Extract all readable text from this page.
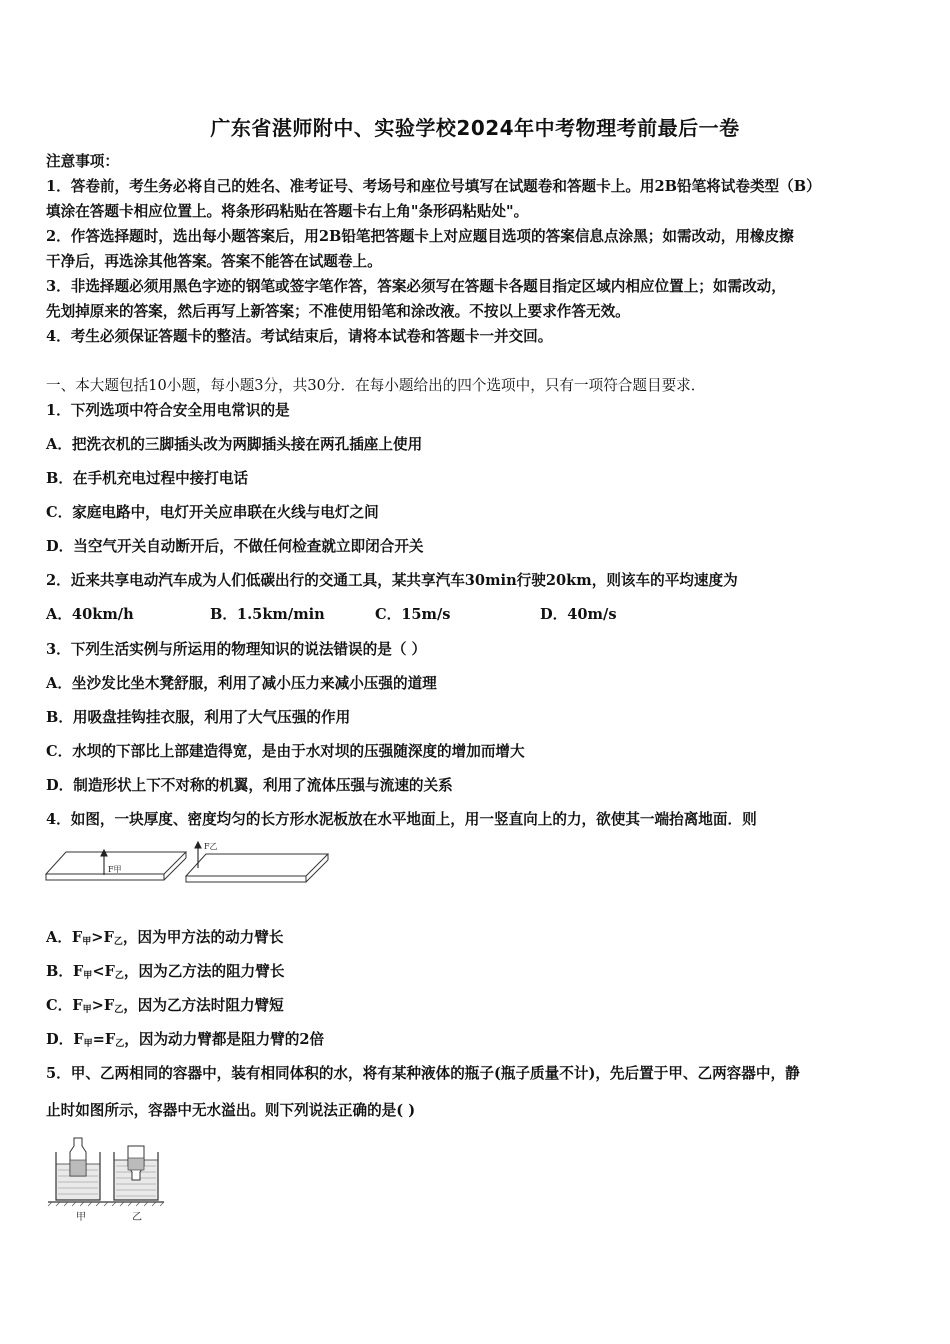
广东省湛师附中、实验学校2024年中考物理考前最后一卷
注意事项：
1．答卷前，考生务必将自己的姓名、准考证号、考场号和座位号填写在试题卷和答题卡上。用2B铅笔将试卷类型（B）
填涂在答题卡相应位置上。将条形码粘贴在答题卡右上角"条形码粘贴处"。
2．作答选择题时，选出每小题答案后，用2B铅笔把答题卡上对应题目选项的答案信息点涂黑；如需改动，用橡皮擦
干净后，再选涂其他答案。答案不能答在试题卷上。
3．非选择题必须用黑色字迹的钢笔或签字笔作答，答案必须写在答题卡各题目指定区域内相应位置上；如需改动，
先划掉原来的答案，然后再写上新答案；不准使用铅笔和涂改液。不按以上要求作答无效。
4．考生必须保证答题卡的整洁。考试结束后，请将本试卷和答题卡一并交回。
一、本大题包括10小题，每小题3分，共30分．在每小题给出的四个选项中，只有一项符合题目要求．
1．下列选项中符合安全用电常识的是
A．把洗衣机的三脚插头改为两脚插头接在两孔插座上使用
B．在手机充电过程中接打电话
C．家庭电路中，电灯开关应串联在火线与电灯之间
D．当空气开关自动断开后，不做任何检查就立即闭合开关
2．近来共享电动汽车成为人们低碳出行的交通工具，某共享汽车30min行驶20km，则该车的平均速度为
A．40km/h	B．1.5km/min	C．15m/s	D．40m/s
3．下列生活实例与所运用的物理知识的说法错误的是（ ）
A．坐沙发比坐木凳舒服，利用了减小压力来减小压强的道理
B．用吸盘挂钩挂衣服，利用了大气压强的作用
C．水坝的下部比上部建造得宽，是由于水对坝的压强随深度的增加而增大
D．制造形状上下不对称的机翼，利用了流体压强与流速的关系
4．如图，一块厚度、密度均匀的长方形水泥板放在水平地面上，用一竖直向上的力，欲使其一端抬离地面．则
F甲
F乙
A．$F_甲>F_乙$，因为甲方法的动力臂长
B．$F_甲<F_乙$，因为乙方法的阻力臂长
C．$F_甲>F_乙$，因为乙方法时阻力臂短
D．$F_甲=F_乙$，因为动力臂都是阻力臂的2倍
5．甲、乙两相同的容器中，装有相同体积的水，将有某种液体的瓶子(瓶子质量不计)，先后置于甲、乙两容器中，静
止时如图所示，容器中无水溢出。则下列说法正确的是( )
甲	乙
